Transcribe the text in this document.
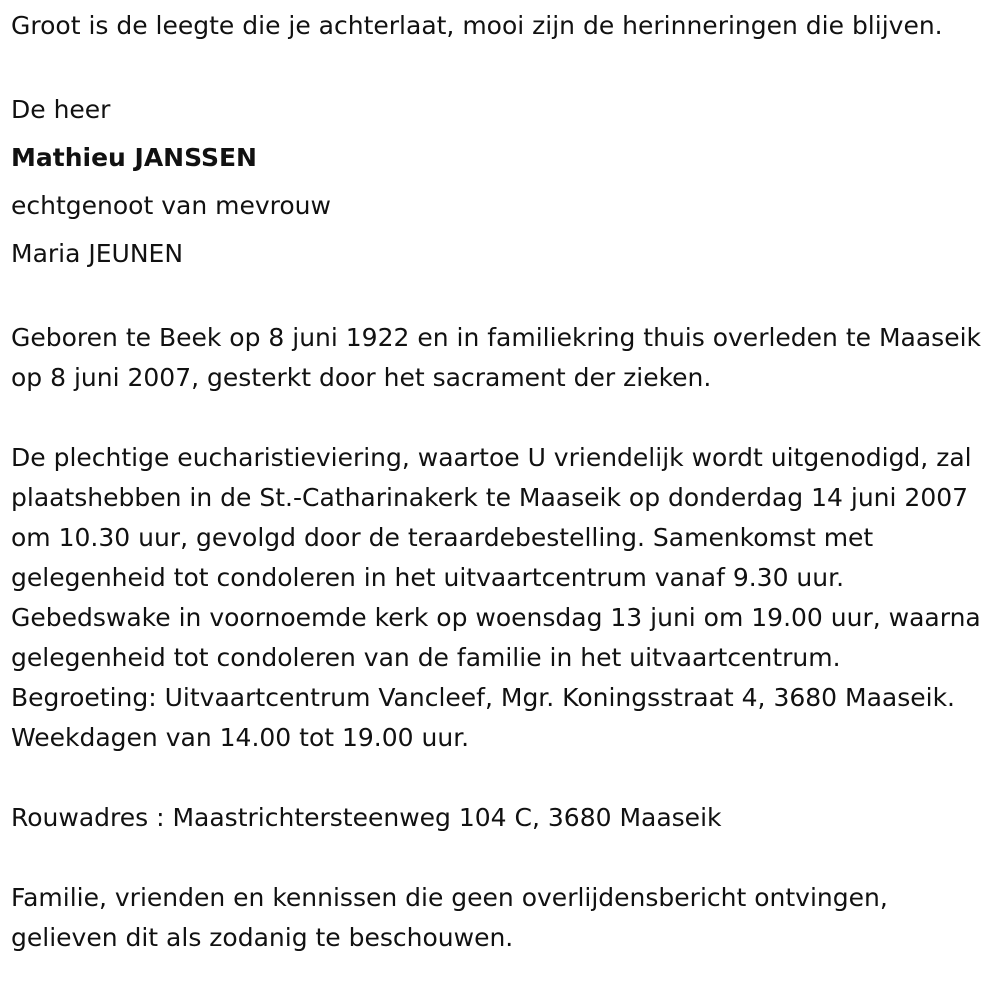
Groot is de leegte die je achterlaat, mooi zijn de herinneringen die blijven.

De heer

Mathieu JANSSEN

echtgenoot van mevrouw

Maria JEUNEN

Geboren te Beek op 8 juni 1922 en in familiekring thuis overleden te Maaseik op 8 juni 2007, gesterkt door het sacrament der zieken.

De plechtige eucharistieviering, waartoe U vriendelijk wordt uitgenodigd, zal plaatshebben in de St.-Catharinakerk te Maaseik op donderdag 14 juni 2007 om 10.30 uur, gevolgd door de teraardebestelling. Samenkomst met gelegenheid tot condoleren in het uitvaartcentrum vanaf 9.30 uur. Gebedswake in voornoemde kerk op woensdag 13 juni om 19.00 uur, waarna gelegenheid tot condoleren van de familie in het uitvaartcentrum. Begroeting: Uitvaartcentrum Vancleef, Mgr. Koningsstraat 4, 3680 Maaseik. Weekdagen van 14.00 tot 19.00 uur.

Rouwadres : Maastrichtersteenweg 104 C, 3680 Maaseik

Familie, vrienden en kennissen die geen overlijdensbericht ontvingen, gelieven dit als zodanig te beschouwen.
